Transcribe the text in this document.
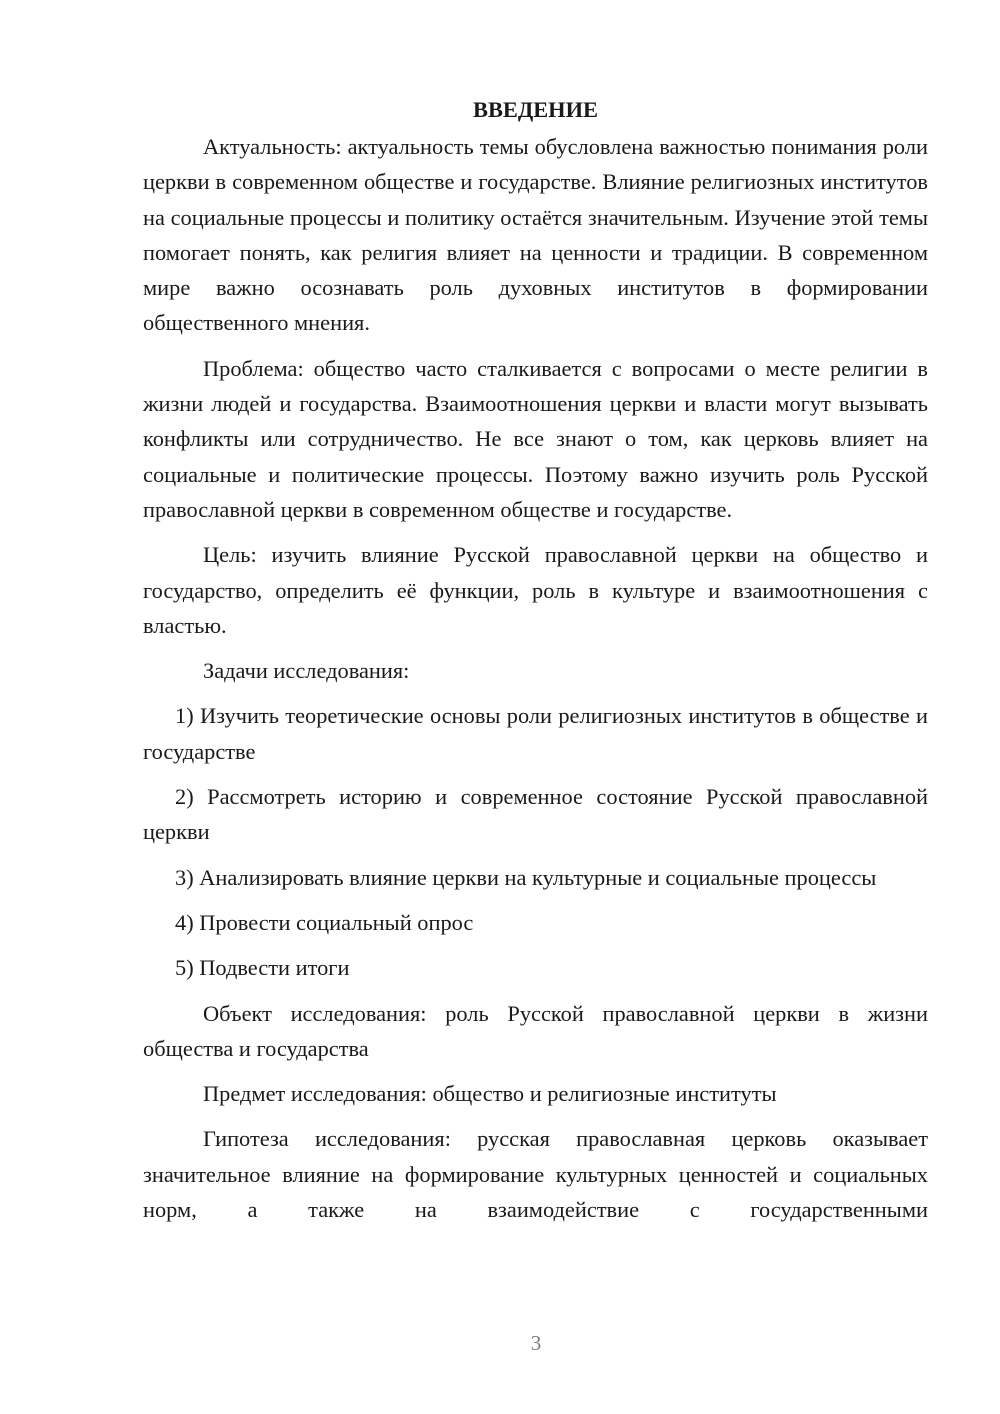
ВВЕДЕНИЕ

Актуальность: актуальность темы обусловлена важностью понимания роли церкви в современном обществе и государстве. Влияние религиозных институтов на социальные процессы и политику остаётся значительным. Изучение этой темы помогает понять, как религия влияет на ценности и традиции. В современном мире важно осознавать роль духовных институтов в формировании общественного мнения.

Проблема: общество часто сталкивается с вопросами о месте религии в жизни людей и государства. Взаимоотношения церкви и власти могут вызывать конфликты или сотрудничество. Не все знают о том, как церковь влияет на социальные и политические процессы. Поэтому важно изучить роль Русской православной церкви в современном обществе и государстве.

Цель: изучить влияние Русской православной церкви на общество и государство, определить её функции, роль в культуре и взаимоотношения с властью.

Задачи исследования:

1) Изучить теоретические основы роли религиозных институтов в обществе и государстве

2) Рассмотреть историю и современное состояние Русской православной церкви

3) Анализировать влияние церкви на культурные и социальные процессы

4) Провести социальный опрос

5) Подвести итоги

Объект исследования: роль Русской православной церкви в жизни общества и государства

Предмет исследования: общество и религиозные институты

Гипотеза исследования: русская православная церковь оказывает значительное влияние на формирование культурных ценностей и социальных норм, а также на взаимодействие с государственными

3
